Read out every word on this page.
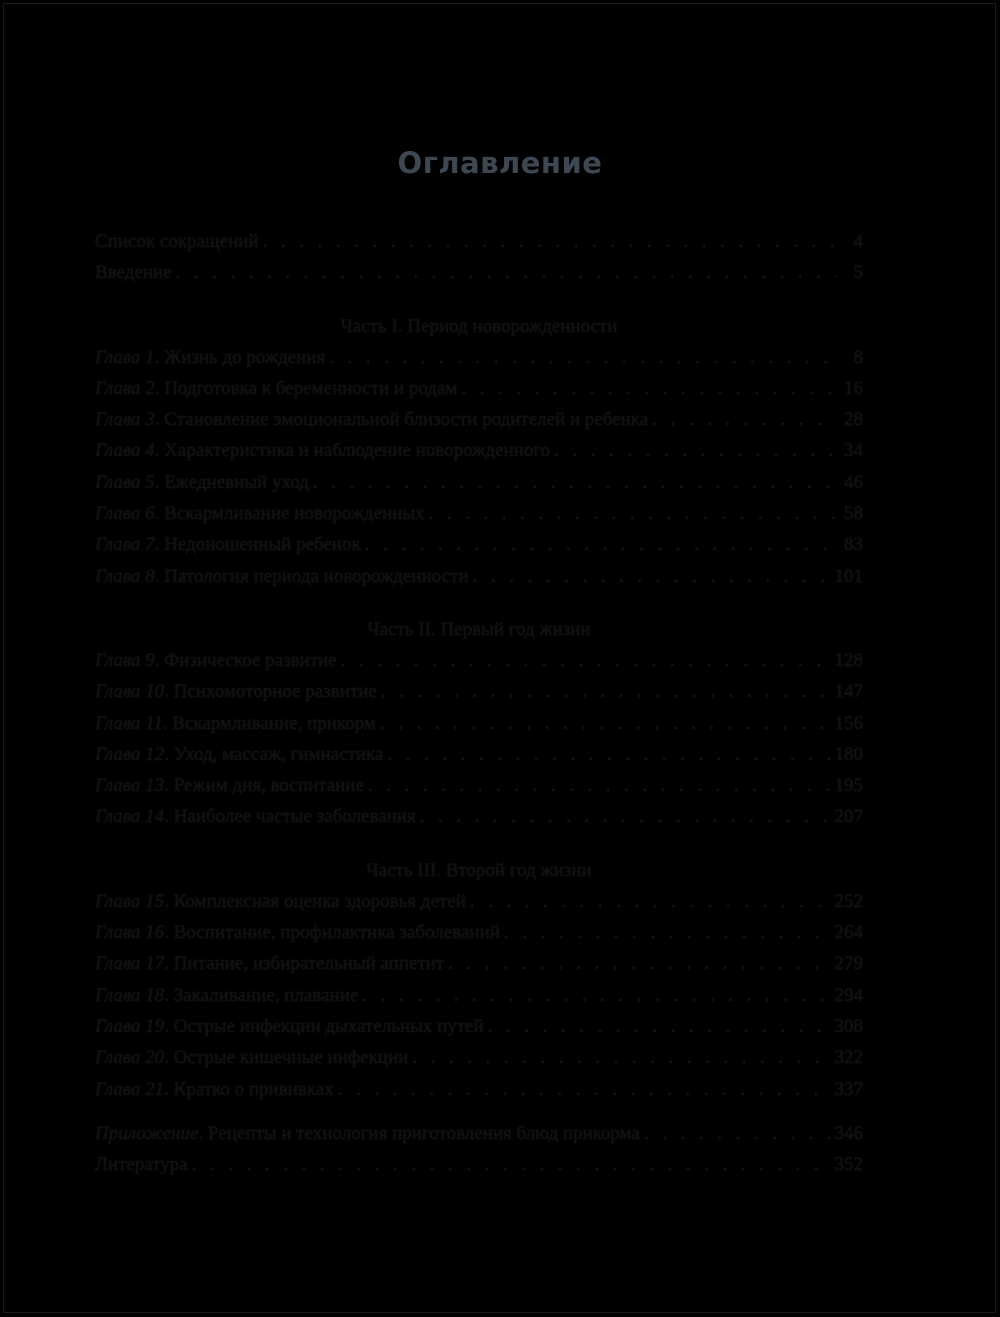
Оглавление
Список сокращений . . .	4
Введение . . .	5
Часть I. Период новорожденности
Глава 1. Жизнь до рождения . . .	8
Глава 2. Подготовка к беременности и родам . . .	16
Глава 3. Становление эмоциональной близости родителей и ребенка . . .	28
Глава 4. Характеристика и наблюдение новорожденного . . .	34
Глава 5. Ежедневный уход . . .	46
Глава 6. Вскармливание новорожденных . . .	58
Глава 7. Недоношенный ребенок . . .	83
Глава 8. Патология периода новорожденности . . .	101
Часть II. Первый год жизни
Глава 9. Физическое развитие . . .	128
Глава 10. Психомоторное развитие . . .	147
Глава 11. Вскармливание, прикорм . . .	156
Глава 12. Уход, массаж, гимнастика . . .	180
Глава 13. Режим дня, воспитание . . .	195
Глава 14. Наиболее частые заболевания . . .	207
Часть III. Второй год жизни
Глава 15. Комплексная оценка здоровья детей . . .	252
Глава 16. Воспитание, профилактика заболеваний . . .	264
Глава 17. Питание, избирательный аппетит . . .	279
Глава 18. Закаливание, плавание . . .	294
Глава 19. Острые инфекции дыхательных путей . . .	308
Глава 20. Острые кишечные инфекции . . .	322
Глава 21. Кратко о прививках . . .	337
Приложение. Рецепты и технология приготовления блюд прикорма . . .	346
Литература . . .	352
